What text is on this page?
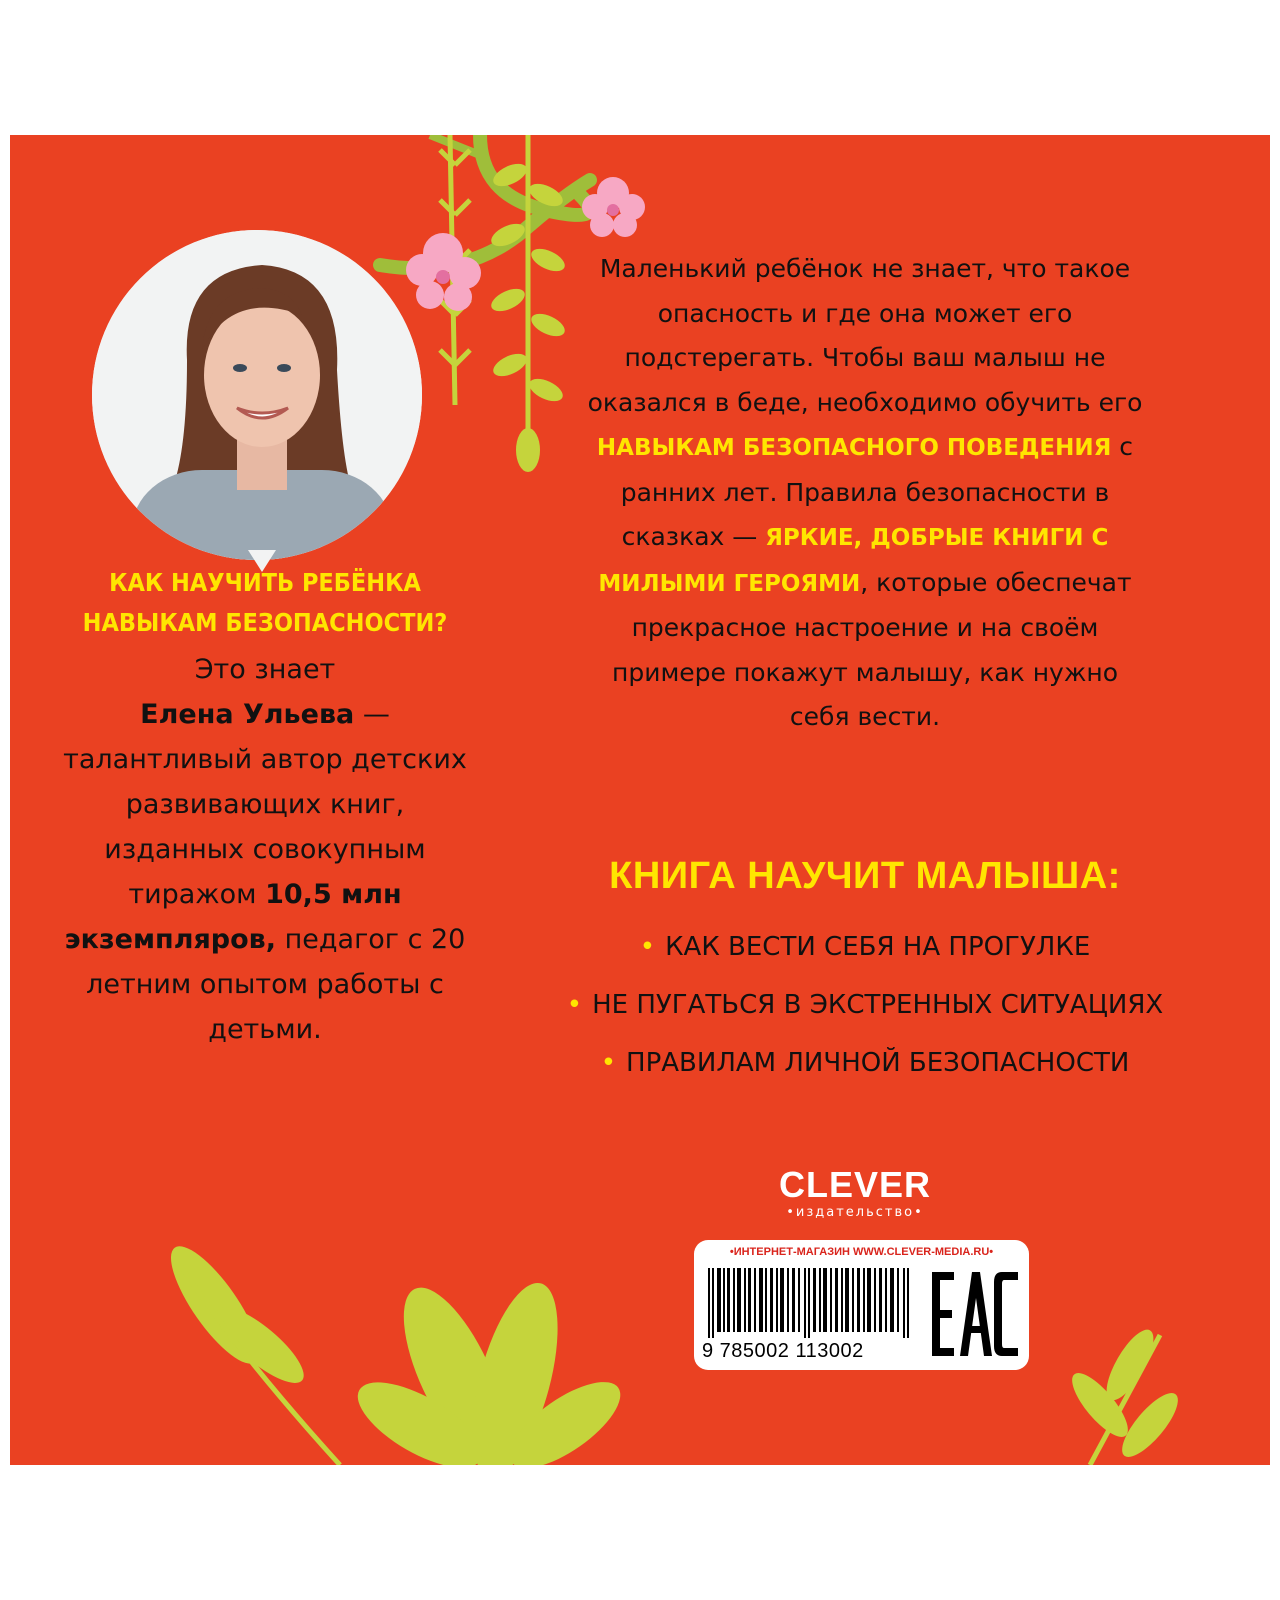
КАК НАУЧИТЬ РЕБЁНКА НАВЫКАМ БЕЗОПАСНОСТИ?

Это знает
Елена Ульева — талантливый автор детских развивающих книг, изданных совокупным тиражом 10,5 млн экземпляров, педагог с 20 летним опытом работы с детьми.

Маленький ребёнок не знает, что такое опасность и где она может его подстерегать. Чтобы ваш малыш не оказался в беде, необходимо обучить его НАВЫКАМ БЕЗОПАСНОГО ПОВЕДЕНИЯ с ранних лет. Правила безопасности в сказках — ЯРКИЕ, ДОБРЫЕ КНИГИ С МИЛЫМИ ГЕРОЯМИ, которые обеспечат прекрасное настроение и на своём примере покажут малышу, как нужно себя вести.
КНИГА НАУЧИТ МАЛЫША:
• КАК ВЕСТИ СЕБЯ НА ПРОГУЛКЕ
• НЕ ПУГАТЬСЯ В ЭКСТРЕННЫХ СИТУАЦИЯХ
• ПРАВИЛАМ ЛИЧНОЙ БЕЗОПАСНОСТИ
CLEVER
•издательство•
•ИНТЕРНЕТ-МАГАЗИН WWW.CLEVER-MEDIA.RU•
9 785002 113002
